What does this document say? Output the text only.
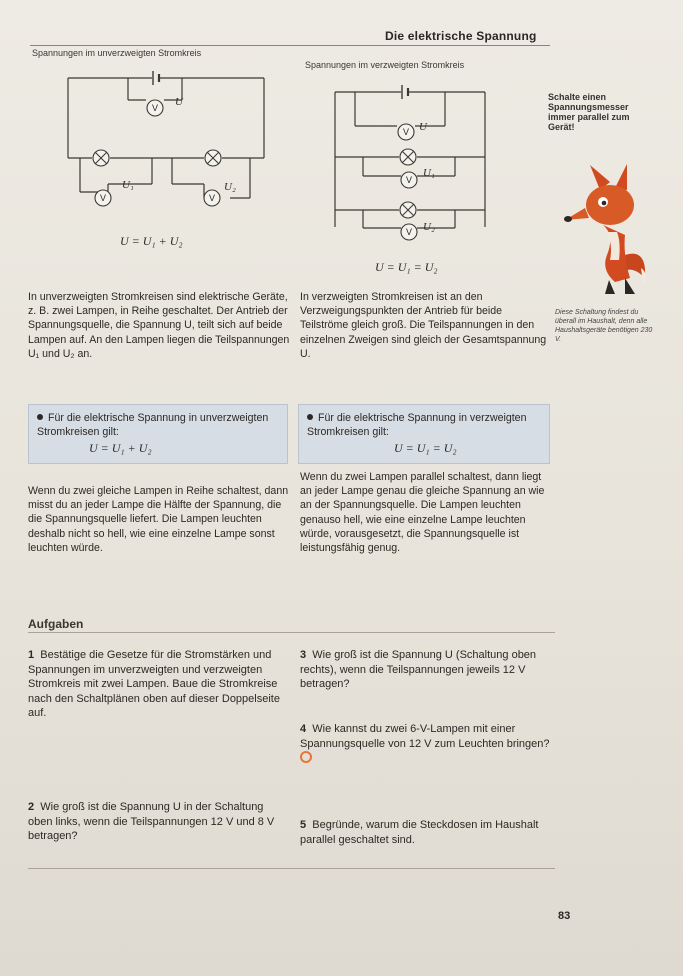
Die elektrische Spannung
Spannungen im unverzweigten Stromkreis
V U
V
U₁
V
U₂
U = U₁ + U₂
Spannungen im verzweigten Stromkreis
V U
V
U₁
V U₂
U = U₁ = U₂
Schalte einen Spannungsmesser immer parallel zum Gerät!
Diese Schaltung findest du überall im Haushalt, denn alle Haushaltsgeräte benötigen 230 V.
In unverzweigten Stromkreisen sind elektrische Geräte, z. B. zwei Lampen, in Reihe geschaltet. Der Antrieb der Spannungsquelle, die Spannung U, teilt sich auf beide Lampen auf. An den Lampen liegen die Teilspannungen U₁ und U₂ an.
In verzweigten Stromkreisen ist an den Verzweigungspunkten der Antrieb für beide Teilströme gleich groß. Die Teilspannungen in den einzelnen Zweigen sind gleich der Gesamtspannung U.
Für die elektrische Spannung in unverzweigten Stromkreisen gilt:
U = U₁ + U₂
Für die elektrische Spannung in verzweigten Stromkreisen gilt:
U = U₁ = U₂
Wenn du zwei gleiche Lampen in Reihe schaltest, dann misst du an jeder Lampe die Hälfte der Spannung, die die Spannungsquelle liefert. Die Lampen leuchten deshalb nicht so hell, wie eine einzelne Lampe sonst leuchten würde.
Wenn du zwei Lampen parallel schaltest, dann liegt an jeder Lampe genau die gleiche Spannung an wie an der Spannungsquelle. Die Lampen leuchten genauso hell, wie eine einzelne Lampe leuchten würde, vorausgesetzt, die Spannungsquelle ist leistungsfähig genug.
Aufgaben
1 Bestätige die Gesetze für die Stromstärken und Spannungen im unverzweigten und verzweigten Stromkreis mit zwei Lampen. Baue die Stromkreise nach den Schaltplänen oben auf dieser Doppelseite auf.
2 Wie groß ist die Spannung U in der Schaltung oben links, wenn die Teilspannungen 12 V und 8 V betragen?
3 Wie groß ist die Spannung U (Schaltung oben rechts), wenn die Teilspannungen jeweils 12 V betragen?
4 Wie kannst du zwei 6-V-Lampen mit einer Spannungsquelle von 12 V zum Leuchten bringen?
5 Begründe, warum die Steckdosen im Haushalt parallel geschaltet sind.
83
